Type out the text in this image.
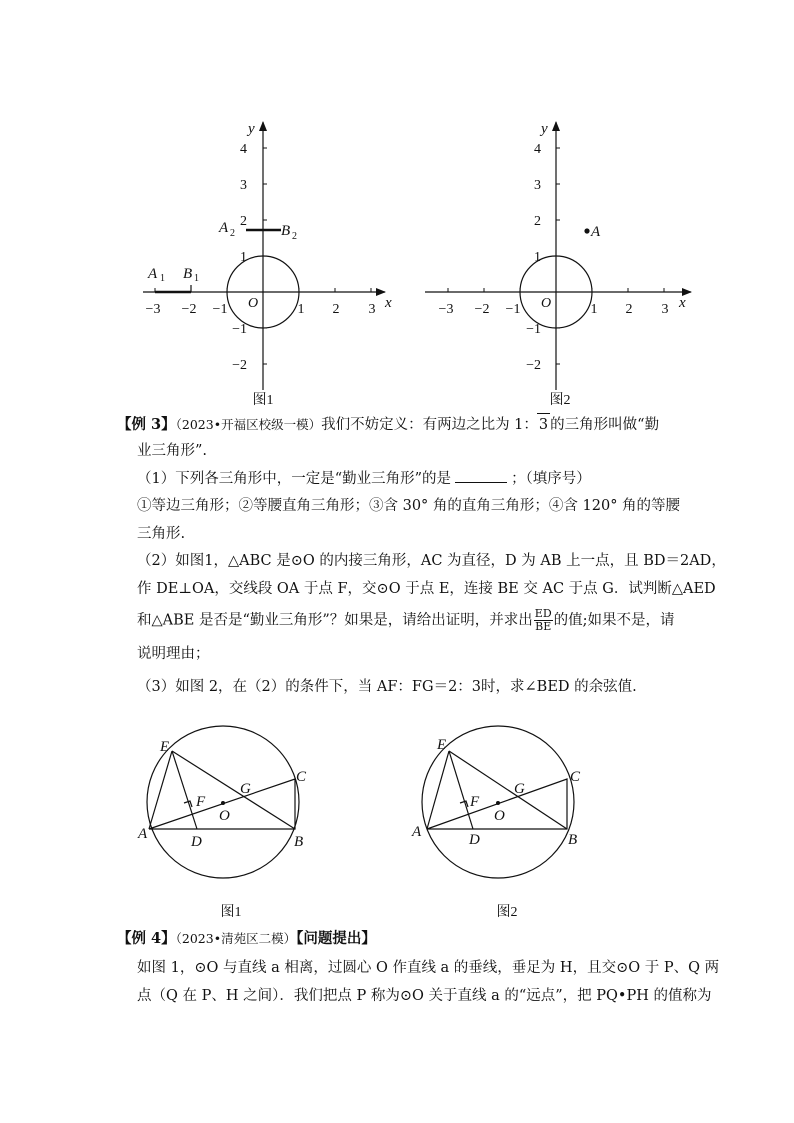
−3 −2 −1	1 2 3
4
3
2
1
−1
−2
x
y
O
A 1 B 1
A 2	B 2
图1
−3 −2 −1	1 2 3
4
3
2
1
−1
−2
x
y
O
A
图2
【例 3】（2023•开福区校级一模）我们不妨定义：有两边之比为 1：3 的三角形叫做“勤
业三角形”.
（1）下列各三角形中，一定是“勤业三角形”的是	；（填序号）
①等边三角形；②等腰直角三角形；③含 30° 角的直角三角形；④含 120° 角的等腰
三角形.
（2）如图1，△ABC 是⊙O 的内接三角形，AC 为直径，D 为 AB 上一点，且 BD＝2AD，
作 DE⊥OA，交线段 OA 于点 F，交⊙O 于点 E，连接 BE 交 AC 于点 G．试判断△AED
和△ABE 是否是“勤业三角形”？如果是，请给出证明，并求出 $\frac{ED}{BE}$ 的值;如果不是，请
说明理由；
（3）如图 2，在（2）的条件下，当 AF：FG＝2：3时，求∠BED 的余弦值.
E
C
G
F
O
A	B
D
图1
E
C
G
F
O
A	B
D
图2
【例 4】（2023•清苑区二模）【问题提出】
如图 1，⊙O 与直线 a 相离，过圆心 O 作直线 a 的垂线，垂足为 H，且交⊙O 于 P、Q 两
点（Q 在 P、H 之间）．我们把点 P 称为⊙O 关于直线 a 的“远点”，把 PQ•PH 的值称为
